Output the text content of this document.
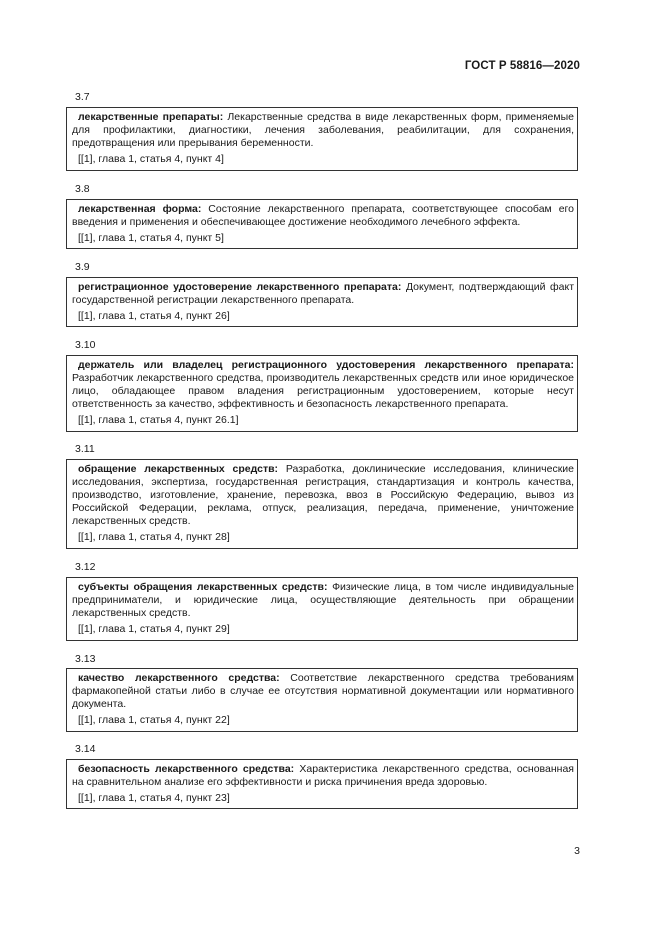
ГОСТ Р 58816—2020
3.7

лекарственные препараты: Лекарственные средства в виде лекарственных форм, применяемые для профилактики, диагностики, лечения заболевания, реабилитации, для сохранения, предотвращения или прерывания беременности.

[[1], глава 1, статья 4, пункт 4]
3.8

лекарственная форма: Состояние лекарственного препарата, соответствующее способам его введения и применения и обеспечивающее достижение необходимого лечебного эффекта.

[[1], глава 1, статья 4, пункт 5]
3.9

регистрационное удостоверение лекарственного препарата: Документ, подтверждающий факт государственной регистрации лекарственного препарата.

[[1], глава 1, статья 4, пункт 26]
3.10

держатель или владелец регистрационного удостоверения лекарственного препарата: Разработчик лекарственного средства, производитель лекарственных средств или иное юридическое лицо, обладающее правом владения регистрационным удостоверением, которые несут ответственность за качество, эффективность и безопасность лекарственного препарата.

[[1], глава 1, статья 4, пункт 26.1]
3.11

обращение лекарственных средств: Разработка, доклинические исследования, клинические исследования, экспертиза, государственная регистрация, стандартизация и контроль качества, производство, изготовление, хранение, перевозка, ввоз в Российскую Федерацию, вывоз из Российской Федерации, реклама, отпуск, реализация, передача, применение, уничтожение лекарственных средств.

[[1], глава 1, статья 4, пункт 28]
3.12

субъекты обращения лекарственных средств: Физические лица, в том числе индивидуальные предприниматели, и юридические лица, осуществляющие деятельность при обращении лекарственных средств.

[[1], глава 1, статья 4, пункт 29]
3.13

качество лекарственного средства: Соответствие лекарственного средства требованиям фармакопейной статьи либо в случае ее отсутствия нормативной документации или нормативного документа.

[[1], глава 1, статья 4, пункт 22]
3.14

безопасность лекарственного средства: Характеристика лекарственного средства, основанная на сравнительном анализе его эффективности и риска причинения вреда здоровью.

[[1], глава 1, статья 4, пункт 23]
3
